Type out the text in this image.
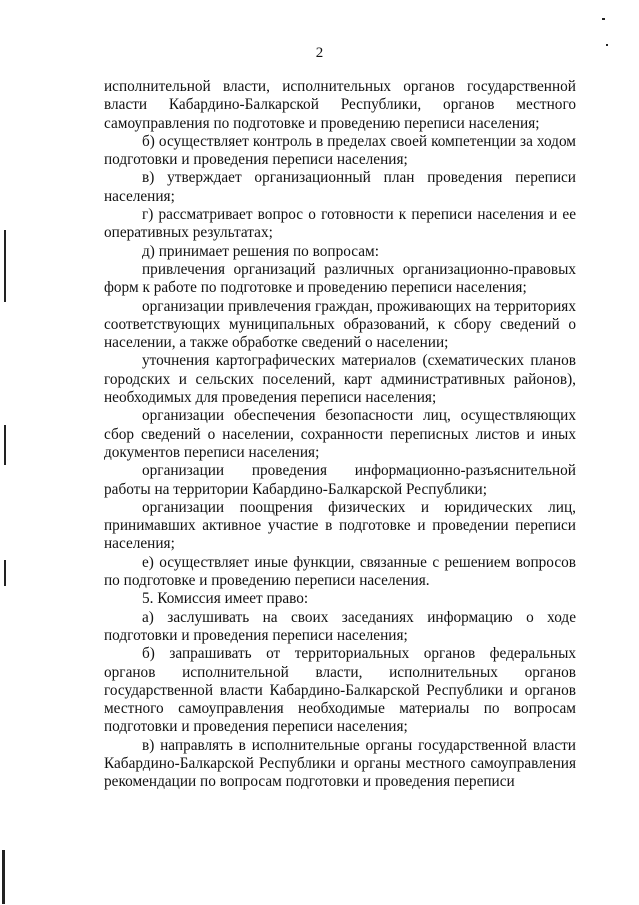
2

исполнительной власти, исполнительных органов государственной власти Кабардино-Балкарской Республики, органов местного самоуправления по подготовке и проведению переписи населения;

б) осуществляет контроль в пределах своей компетенции за ходом подготовки и проведения переписи населения;

в) утверждает организационный план проведения переписи населения;

г) рассматривает вопрос о готовности к переписи населения и ее оперативных результатах;

д) принимает решения по вопросам:

привлечения организаций различных организационно-правовых форм к работе по подготовке и проведению переписи населения;

организации привлечения граждан, проживающих на территориях соответствующих муниципальных образований, к сбору сведений о населении, а также обработке сведений о населении;

уточнения картографических материалов (схематических планов городских и сельских поселений, карт административных районов), необходимых для проведения переписи населения;

организации обеспечения безопасности лиц, осуществляющих сбор сведений о населении, сохранности переписных листов и иных документов переписи населения;

организации проведения информационно-разъяснительной работы на территории Кабардино-Балкарской Республики;

организации поощрения физических и юридических лиц, принимавших активное участие в подготовке и проведении переписи населения;

е) осуществляет иные функции, связанные с решением вопросов по подготовке и проведению переписи населения.

5. Комиссия имеет право:

а) заслушивать на своих заседаниях информацию о ходе подготовки и проведения переписи населения;

б) запрашивать от территориальных органов федеральных органов исполнительной власти, исполнительных органов государственной власти Кабардино-Балкарской Республики и органов местного самоуправления необходимые материалы по вопросам подготовки и проведения переписи населения;

в) направлять в исполнительные органы государственной власти Кабардино-Балкарской Республики и органы местного самоуправления рекомендации по вопросам подготовки и проведения переписи
